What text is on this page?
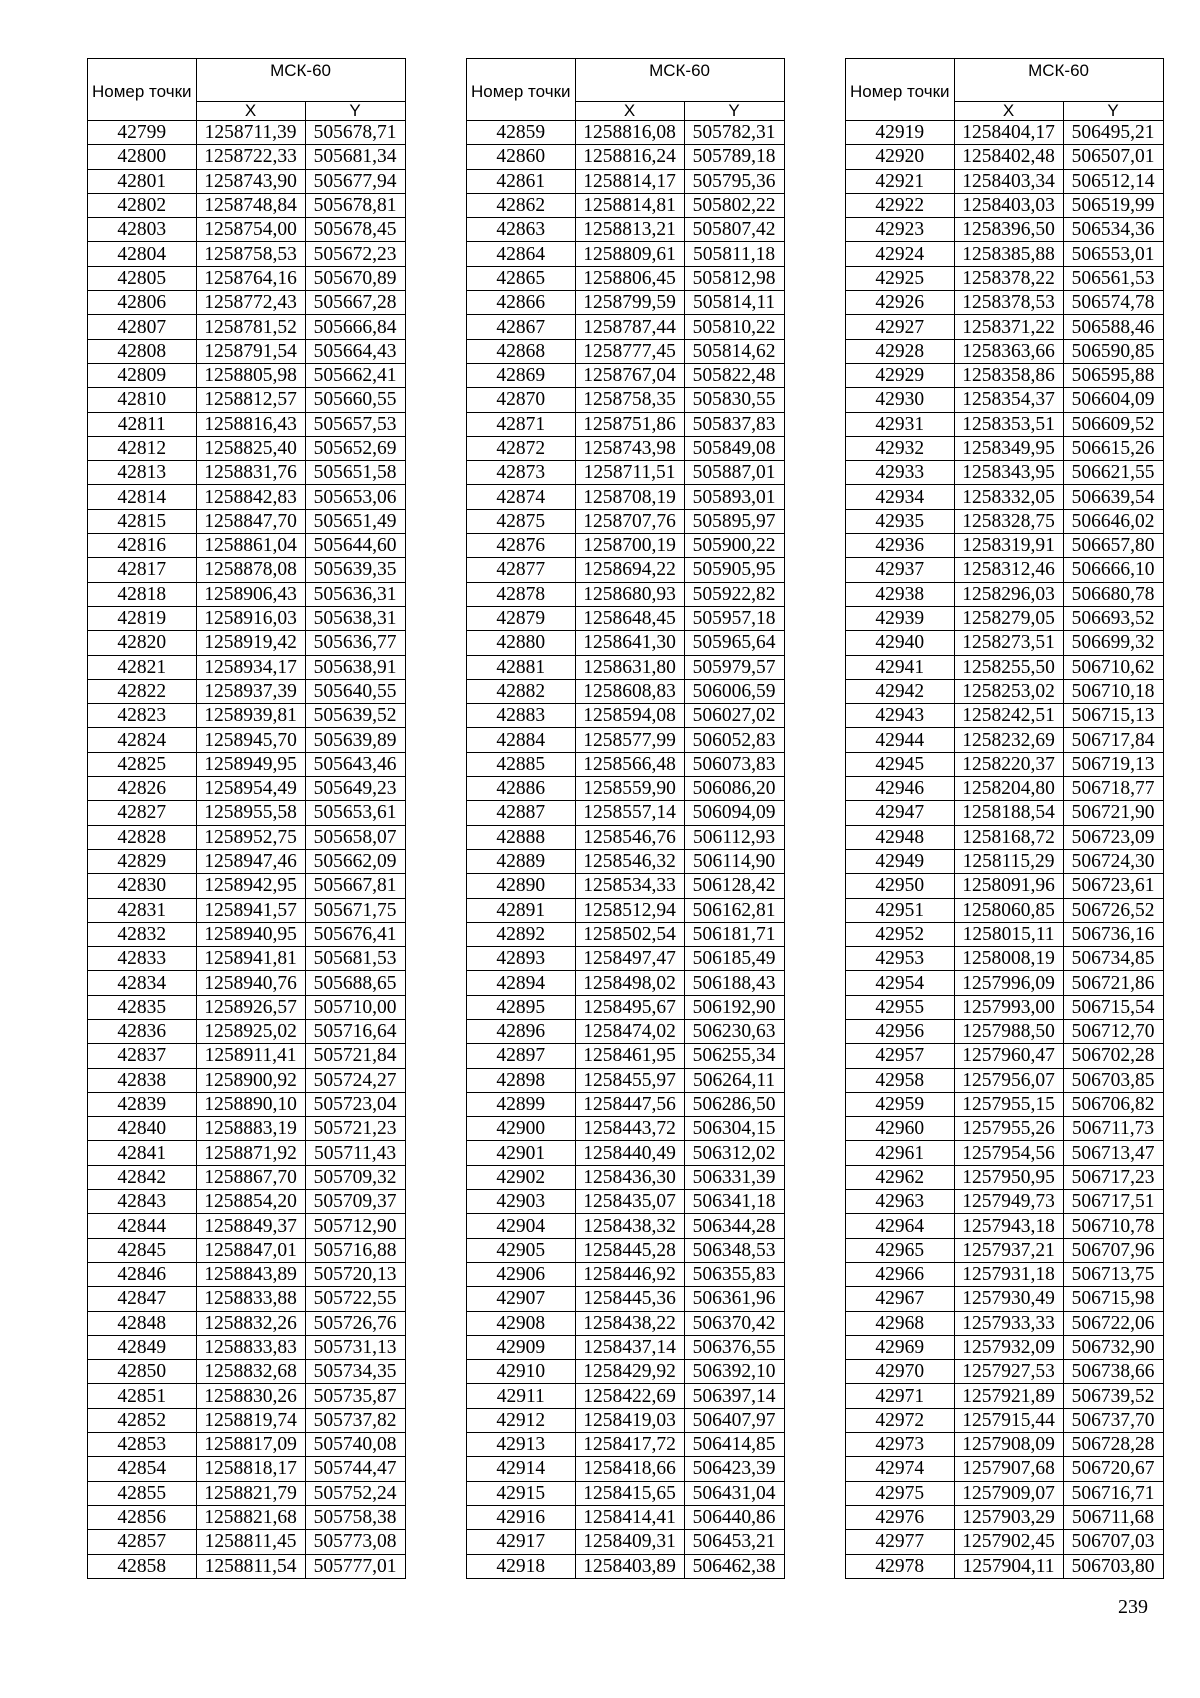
Номер точки	МСК-60	
	X	Y
42799	1258711,39	505678,71
42800	1258722,33	505681,34
42801	1258743,90	505677,94
42802	1258748,84	505678,81
42803	1258754,00	505678,45
42804	1258758,53	505672,23
42805	1258764,16	505670,89
42806	1258772,43	505667,28
42807	1258781,52	505666,84
42808	1258791,54	505664,43
42809	1258805,98	505662,41
42810	1258812,57	505660,55
42811	1258816,43	505657,53
42812	1258825,40	505652,69
42813	1258831,76	505651,58
42814	1258842,83	505653,06
42815	1258847,70	505651,49
42816	1258861,04	505644,60
42817	1258878,08	505639,35
42818	1258906,43	505636,31
42819	1258916,03	505638,31
42820	1258919,42	505636,77
42821	1258934,17	505638,91
42822	1258937,39	505640,55
42823	1258939,81	505639,52
42824	1258945,70	505639,89
42825	1258949,95	505643,46
42826	1258954,49	505649,23
42827	1258955,58	505653,61
42828	1258952,75	505658,07
42829	1258947,46	505662,09
42830	1258942,95	505667,81
42831	1258941,57	505671,75
42832	1258940,95	505676,41
42833	1258941,81	505681,53
42834	1258940,76	505688,65
42835	1258926,57	505710,00
42836	1258925,02	505716,64
42837	1258911,41	505721,84
42838	1258900,92	505724,27
42839	1258890,10	505723,04
42840	1258883,19	505721,23
42841	1258871,92	505711,43
42842	1258867,70	505709,32
42843	1258854,20	505709,37
42844	1258849,37	505712,90
42845	1258847,01	505716,88
42846	1258843,89	505720,13
42847	1258833,88	505722,55
42848	1258832,26	505726,76
42849	1258833,83	505731,13
42850	1258832,68	505734,35
42851	1258830,26	505735,87
42852	1258819,74	505737,82
42853	1258817,09	505740,08
42854	1258818,17	505744,47
42855	1258821,79	505752,24
42856	1258821,68	505758,38
42857	1258811,45	505773,08
42858	1258811,54	505777,01
Номер точки	МСК-60	
	X	Y
42859	1258816,08	505782,31
42860	1258816,24	505789,18
42861	1258814,17	505795,36
42862	1258814,81	505802,22
42863	1258813,21	505807,42
42864	1258809,61	505811,18
42865	1258806,45	505812,98
42866	1258799,59	505814,11
42867	1258787,44	505810,22
42868	1258777,45	505814,62
42869	1258767,04	505822,48
42870	1258758,35	505830,55
42871	1258751,86	505837,83
42872	1258743,98	505849,08
42873	1258711,51	505887,01
42874	1258708,19	505893,01
42875	1258707,76	505895,97
42876	1258700,19	505900,22
42877	1258694,22	505905,95
42878	1258680,93	505922,82
42879	1258648,45	505957,18
42880	1258641,30	505965,64
42881	1258631,80	505979,57
42882	1258608,83	506006,59
42883	1258594,08	506027,02
42884	1258577,99	506052,83
42885	1258566,48	506073,83
42886	1258559,90	506086,20
42887	1258557,14	506094,09
42888	1258546,76	506112,93
42889	1258546,32	506114,90
42890	1258534,33	506128,42
42891	1258512,94	506162,81
42892	1258502,54	506181,71
42893	1258497,47	506185,49
42894	1258498,02	506188,43
42895	1258495,67	506192,90
42896	1258474,02	506230,63
42897	1258461,95	506255,34
42898	1258455,97	506264,11
42899	1258447,56	506286,50
42900	1258443,72	506304,15
42901	1258440,49	506312,02
42902	1258436,30	506331,39
42903	1258435,07	506341,18
42904	1258438,32	506344,28
42905	1258445,28	506348,53
42906	1258446,92	506355,83
42907	1258445,36	506361,96
42908	1258438,22	506370,42
42909	1258437,14	506376,55
42910	1258429,92	506392,10
42911	1258422,69	506397,14
42912	1258419,03	506407,97
42913	1258417,72	506414,85
42914	1258418,66	506423,39
42915	1258415,65	506431,04
42916	1258414,41	506440,86
42917	1258409,31	506453,21
42918	1258403,89	506462,38
Номер точки	МСК-60	
	X	Y
42919	1258404,17	506495,21
42920	1258402,48	506507,01
42921	1258403,34	506512,14
42922	1258403,03	506519,99
42923	1258396,50	506534,36
42924	1258385,88	506553,01
42925	1258378,22	506561,53
42926	1258378,53	506574,78
42927	1258371,22	506588,46
42928	1258363,66	506590,85
42929	1258358,86	506595,88
42930	1258354,37	506604,09
42931	1258353,51	506609,52
42932	1258349,95	506615,26
42933	1258343,95	506621,55
42934	1258332,05	506639,54
42935	1258328,75	506646,02
42936	1258319,91	506657,80
42937	1258312,46	506666,10
42938	1258296,03	506680,78
42939	1258279,05	506693,52
42940	1258273,51	506699,32
42941	1258255,50	506710,62
42942	1258253,02	506710,18
42943	1258242,51	506715,13
42944	1258232,69	506717,84
42945	1258220,37	506719,13
42946	1258204,80	506718,77
42947	1258188,54	506721,90
42948	1258168,72	506723,09
42949	1258115,29	506724,30
42950	1258091,96	506723,61
42951	1258060,85	506726,52
42952	1258015,11	506736,16
42953	1258008,19	506734,85
42954	1257996,09	506721,86
42955	1257993,00	506715,54
42956	1257988,50	506712,70
42957	1257960,47	506702,28
42958	1257956,07	506703,85
42959	1257955,15	506706,82
42960	1257955,26	506711,73
42961	1257954,56	506713,47
42962	1257950,95	506717,23
42963	1257949,73	506717,51
42964	1257943,18	506710,78
42965	1257937,21	506707,96
42966	1257931,18	506713,75
42967	1257930,49	506715,98
42968	1257933,33	506722,06
42969	1257932,09	506732,90
42970	1257927,53	506738,66
42971	1257921,89	506739,52
42972	1257915,44	506737,70
42973	1257908,09	506728,28
42974	1257907,68	506720,67
42975	1257909,07	506716,71
42976	1257903,29	506711,68
42977	1257902,45	506707,03
42978	1257904,11	506703,80
239
